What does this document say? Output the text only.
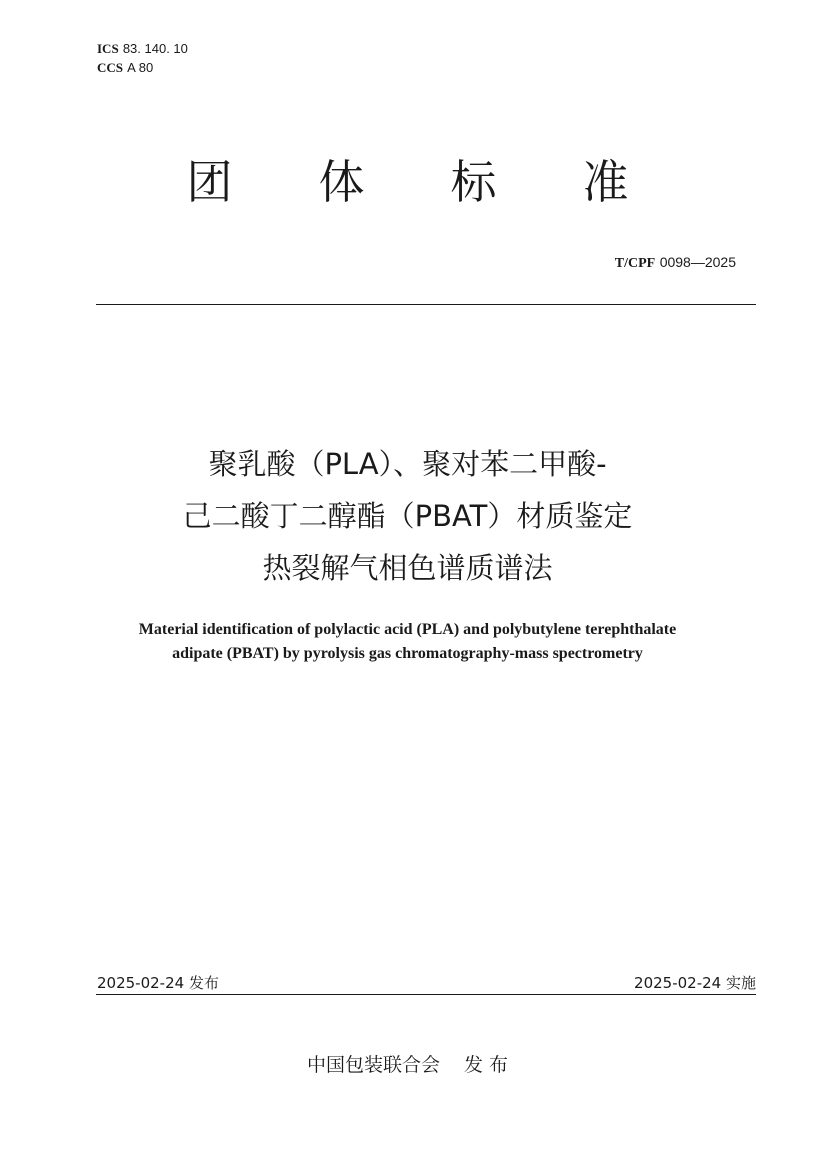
ICS 83. 140. 10
CCS A 80
团 体 标 准
T/CPF 0098—2025
聚乳酸（PLA）、聚对苯二甲酸-
己二酸丁二醇酯（PBAT）材质鉴定
热裂解气相色谱质谱法
Material identification of polylactic acid (PLA) and polybutylene terephthalate
adipate (PBAT) by pyrolysis gas chromatography-mass spectrometry
2025-02-24 发布	2025-02-24 实施
中国包装联合会 发 布
